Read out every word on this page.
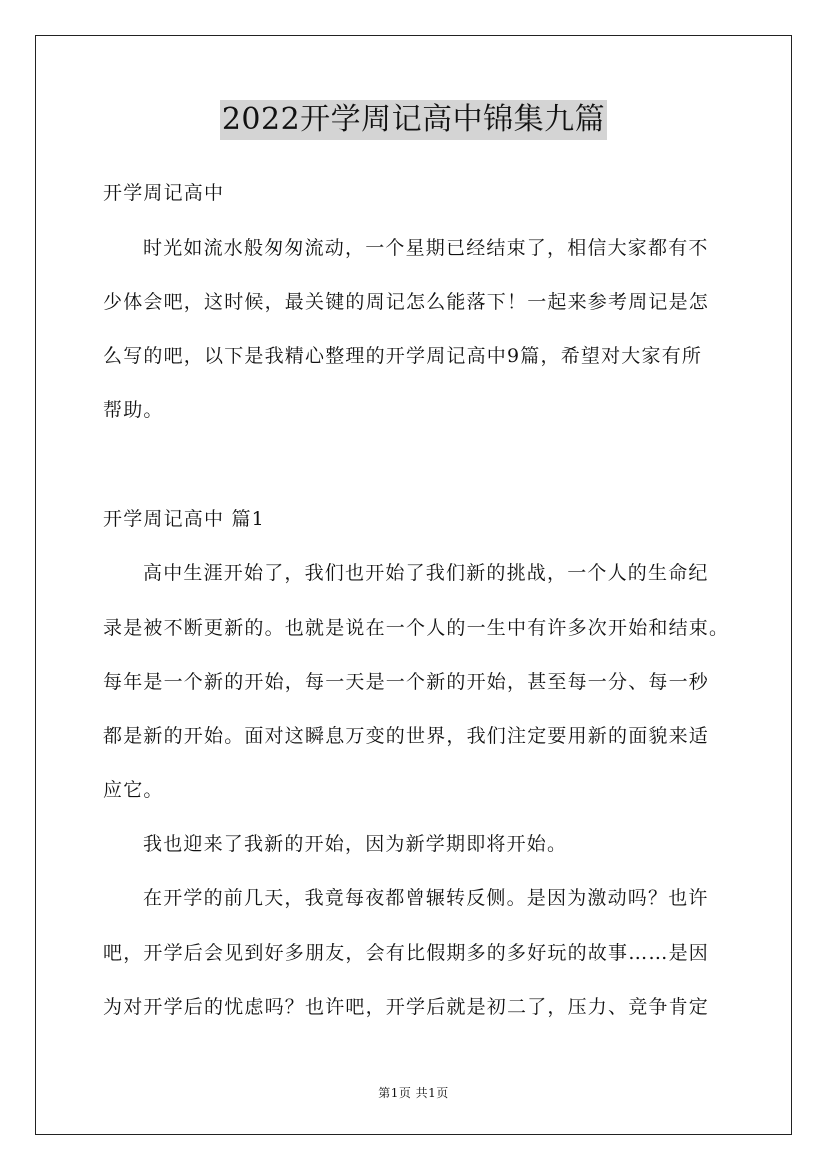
2022开学周记高中锦集九篇
开学周记高中
时光如流水般匆匆流动，一个星期已经结束了，相信大家都有不
少体会吧，这时候，最关键的周记怎么能落下！一起来参考周记是怎
么写的吧，以下是我精心整理的开学周记高中9篇，希望对大家有所
帮助。
开学周记高中 篇1
高中生涯开始了，我们也开始了我们新的挑战，一个人的生命纪
录是被不断更新的。也就是说在一个人的一生中有许多次开始和结束。
每年是一个新的开始，每一天是一个新的开始，甚至每一分、每一秒
都是新的开始。面对这瞬息万变的世界，我们注定要用新的面貌来适
应它。
我也迎来了我新的开始，因为新学期即将开始。
在开学的前几天，我竟每夜都曾辗转反侧。是因为激动吗？也许
吧，开学后会见到好多朋友，会有比假期多的多好玩的故事……是因
为对开学后的忧虑吗？也许吧，开学后就是初二了，压力、竞争肯定
第1页 共1页
